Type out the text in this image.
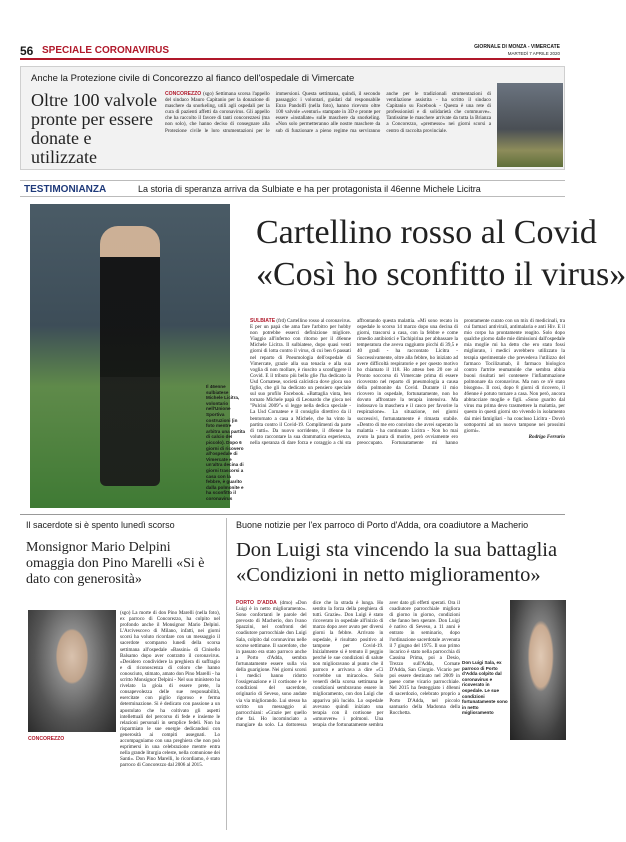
56 SPECIALE CORONAVIRUS	GIORNALE DI MONZA - VIMERCATE
MARTEDÌ 7 APRILE 2020
Anche la Protezione civile di Concorezzo al fianco dell'ospedale di Vimercate
Oltre 100 valvole pronte per essere donate e utilizzate
CONCOREZZO (sgo) Settimana scorsa l'appello del sindaco Mauro Capitanio per la donazione di maschere da snorkeling, utili agli ospedali per la cura di pazienti affetti da coronavirus. Gli appello che ha raccolto il favore di tanti concorezzesi (ma non solo), che hanno deciso di consegnare alla Protezione civile le loro strumentazioni per le immersioni. Questa settimana, quindi, il secondo passaggio: i volontari, guidati dal responsabile Enzo Pandolfi (nella foto), hanno ricevuto oltre 100 valvole «venturi» stampate in 3D e pronte per essere «installate» sulle maschere da snorkeling. «Non solo permetteranno alle nostre maschere da sub di funzionare a pieno regime ma serviranno anche per le tradizionali strumentazioni di ventilazione assistita - ha scritto il sindaco Capitanio su Facebook - Questa è una rete di professionisti e di solidarietà che commuove». Tantissime le maschere arrivate da tutta la Brianza a Concorezzo, «premesso» nei giorni scorsi a centro di raccolta provinciale.
TESTIMONIANZA	La storia di speranza arriva da Sulbiate e ha per protagonista il 46enne Michele Licitra
Il 46enne sulbiatese Michele Licitra, volontario nell'Unione Sportiva costruzioni (in foto mentre arbitra una partita di calcio del piccolo). Dopo 6 giorni di ricovero all'ospedale di Vimercate e un'altra decina di giorni trascorsi a casa con la febbre, è guarito dalla polmonite e ha sconfitto il coronavirus
Cartellino rosso al Covid
«Così ho sconfitto il virus»
SULBIATE (frd) Cartellino rosso al coronavirus. E per un papà che ama fare l'arbitro per hobby non potrebbe esserci definizione migliore. Viaggio all'inferno con ritorno per il 46enne Michele Licitra. Il sulbiatese, dopo quasi venti giorni di lotta contro il virus, di cui ben 6 passati nel reparto di Pneumologia dell'ospedale di Vimercate, grazie alla sua tenacia e alla sua voglia di non mollare, è riuscito a sconfiggere il Covid. E il tributo più bello glie l'ha dedicato la Usd Cornatese, società calcistica dove gioca suo figlio, che gli ha dedicato un pensiero speciale sul suo profilo Facebook. «Battaglia vinta, ben tornato Michele papà di Leonardo che gioca nei "Pulcini 2009"» si legge nella dedica speciale - La Usd Cornatese e il consiglio direttivo da il bentornato a casa a Michele, che ha vinto la partita contro il Covid-19. Complimenti da parte di tutti». Da nuovo sorridente, il 46enne ha voluto raccontare la sua drammatica esperienza, nella speranza di dare forza e coraggio a chi sta affrontando questa malattia. «Mi sono recato in ospedale lo scorso 14 marzo dopo una decina di giorni, trascorsi a casa, con la febbre e come rimedio antibiotici e Tachipirina per abbassare la temperatura che aveva raggiunto picchi di 39,5 e 40 gradi - ha raccontato Licitra - Successivamente, oltre alla febbre, ho iniziato ad avere difficoltà respiratorie e per questo motivo ho chiamato il 118. Ho atteso ben 20 ore al Pronto soccorso di Vimercate prima di essere ricoverato nel reparto di pneumologia a causa della polmonite da Covid. Durante il mio ricovero in ospedale, fortunatamente, non ho dovuto affrontare la terapia intensiva. Ma indossavo la maschera e il casco per favorire la respirazione». La situazione, nei giorni successivi, fortunatamente è rimasta stabile. «Dentro di me ero convinto che avrei superato la malattia - ha continuato Licitra - Non ho mai avuto la paura di morire, però ovviamente ero preoccupato. Fortunatamente mi hanno prontamente curato con un mix di medicinali, tra cui farmaci antivirali, antimalaria e anti Hiv. E il mio corpo ha prontamente reagito. Solo dopo qualche giorno dalle mie dimissioni dall'ospedale mia moglie mi ha detto che ero stato fossi migliorato, i medici avrebbero utilizzato la terapia sperimentale che prevedeva l'utilizzo del farmaco Tocilizumab, il farmaco biologico contro l'artrite reumatoide che sembra abbia buoni risultati nel contenere l'infiammazione polmonare da coronavirus. Ma non ce n'è stato bisogno». Il cosi, dopo 8 giorni di ricovero, il 46enne è potuto tornare a casa. Non però, ancora abbracciare moglie e figli. «Sono guarito dal virus ma prima devo trasmettere la malattia, per questo in questi giorni sto vivendo in isolamento dai miei famigliari - ha concluso Licitra - Dovrò sottopormi ad un nuovo tampone nei prossimi giorni».
Rodrigo Ferrario
Il sacerdote si è spento lunedì scorso
Monsignor Mario Delpini omaggia don Pino Marelli «Si è dato con generosità»
(sgo) La morte di don Pino Marelli (nella foto), ex parroco di Concorezzo, ha colpito nel profondo anche il Monsignor Mario Delpini. L'Arcivescovo di Milano, infatti, nei giorni scorsi ha voluto ricordare con un messaggio il sacerdote scomparso lunedì della scorsa settimana all'ospedale «Bassini» di Cinisello Balsamo dopo aver contratto il coronavirus. «Desidero condividere la preghiera di suffragio e di riconoscenza di coloro che hanno conosciuto, stimato, amato don Pino Marelli - ha scritto Monsignor Delpini - Nel suo ministero ha rivelato la gioia di essere prete, la consapevolezza delle sue responsabilità, esercitate con piglio rigoroso e ferma determinazione. Si è dedicato con passione a un apostolato che ha coltivato gli aspetti intellettuali del percorso di fede e insieme le relazioni personali in semplice fedeli. Non ha risparmiato le sue energie dedicandosi con generosità ai compiti assegnati. Lo accompagniamo con una preghiera che non può esprimersi in una celebrazione mentre entra nella grande liturgia celeste, nella comunione dei Santi». Don Pino Marelli, lo ricordiamo, è stato parroco di Concorezzo dal 2006 al 2015.
CONCOREZZO
Buone notizie per l'ex parroco di Porto d'Adda, ora coadiutore a Macherio
Don Luigi sta vincendo la sua battaglia
«Condizioni in netto miglioramento»
PORTO D'ADDA (dmo) «Don Luigi è in netto miglioramento». Sono confortanti le parole del prevosto di Macherio, don Ivano Spazzini, nel confronti del coadiutore parrocchiale don Luigi Sala, colpito dal coronavirus nelle scorse settimane. Il sacerdote, che in passato era stato parroco anche a Porto d'Adda, sembra fortunatamente essere sulla via della guarigione. Nei giorni scorsi i medici hanno ridotto l'ossigenazione e il cortisone e le condizioni del sacerdote, originario di Seveso, sono andate via via migliorando. Lui stesso ha scritto un messaggio ai parrocchiani: «Grazie per quello che fai. Ho incominciato a mangiare da solo. La dottoressa dice che la strada è lunga. Ho sentito la forza della preghiera di tutti. Grazie». Don Luigi è stato ricoverato in ospedale all'inizio di marzo dopo aver avuto per diversi giorni la febbre. Arrivato in ospedale, è risultato positivo al tampone per Covid-19. Inizialmente si è temuto il peggio perché le sue condizioni di salute non miglioravano al punto che il parroco e arrivava a dire «Ci vorrebbe un miracolo». Solo venerdì della scorsa settimana le condizioni sembravano essere in miglioramento, con don Luigi che appariva più lucido. Lo ospedale avevano quindi iniziato una terapia con il cortisone per «smuovere» i polmoni. Una terapia che fortunatamente sembra aver dato gli effetti sperati. Ora il coadiutore parrocchiale migliora di giorno in giorno, condizioni che fanno ben sperare. Don Luigi è nativo di Seveso, a 11 anni è entrato in seminario, dopo l'ordinazione sacerdotale avvenuta il 7 giugno del 1975. Il suo primo incarico è stato nella parrocchia di Cassina Prima, poi a Desio, Trezzo sull'Adda, Cornate D'Adda, San Giorgio. Vicario per poi essere destinato nel 2009 in paese come vicario parrocchiale. Nel 2015 ha festeggiato i 40enni di sacerdozio, celebrato proprio a Porto D'Adda, nel piccolo santuario della Madonna della Rocchetta.
Don Luigi Sala, ex parroco di Porto d'Adda colpito dal coronavirus e ricoverato in ospedale. Le sue condizioni fortunatamente sono in netto miglioramento
